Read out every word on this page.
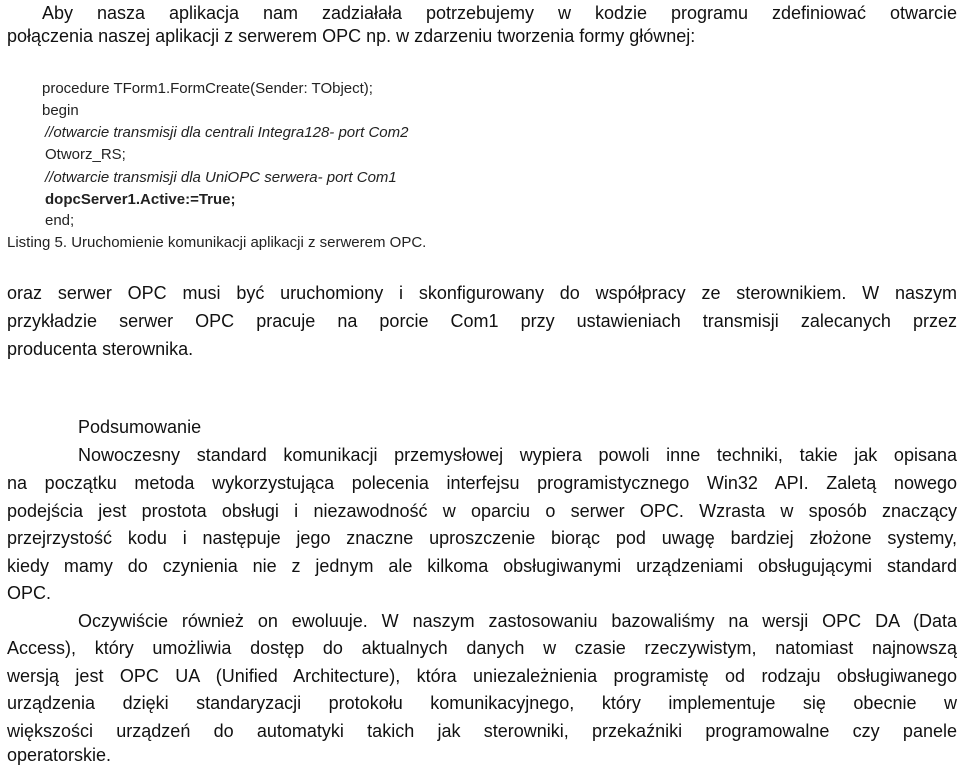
Aby nasza aplikacja nam zadziałała potrzebujemy w kodzie programu zdefiniować otwarcie
połączenia naszej aplikacji z serwerem OPC np. w zdarzeniu tworzenia formy głównej:
procedure TForm1.FormCreate(Sender: TObject);
begin
//otwarcie transmisji dla centrali Integra128- port Com2
Otworz_RS;
//otwarcie transmisji dla UniOPC serwera- port Com1
dopcServer1.Active:=True;
end;
Listing 5. Uruchomienie komunikacji aplikacji z serwerem OPC.
oraz serwer OPC musi być uruchomiony i skonfigurowany do współpracy ze sterownikiem. W naszym
przykładzie serwer OPC pracuje na porcie Com1 przy ustawieniach transmisji zalecanych przez
producenta sterownika.
Podsumowanie
Nowoczesny standard komunikacji przemysłowej wypiera powoli inne techniki, takie jak opisana
na początku metoda wykorzystująca polecenia interfejsu programistycznego Win32 API. Zaletą nowego
podejścia jest prostota obsługi i niezawodność w oparciu o serwer OPC. Wzrasta w sposób znaczący
przejrzystość kodu i następuje jego znaczne uproszczenie biorąc pod uwagę bardziej złożone systemy,
kiedy mamy do czynienia nie z jednym ale kilkoma obsługiwanymi urządzeniami obsługującymi standard
OPC.
Oczywiście również on ewoluuje. W naszym zastosowaniu bazowaliśmy na wersji OPC DA (Data
Access), który umożliwia dostęp do aktualnych danych w czasie rzeczywistym, natomiast najnowszą
wersją jest OPC UA (Unified Architecture), która uniezależnienia programistę od rodzaju obsługiwanego
urządzenia dzięki standaryzacji protokołu komunikacyjnego, który implementuje się obecnie w
większości urządzeń do automatyki takich jak sterowniki, przekaźniki programowalne czy panele
operatorskie.
